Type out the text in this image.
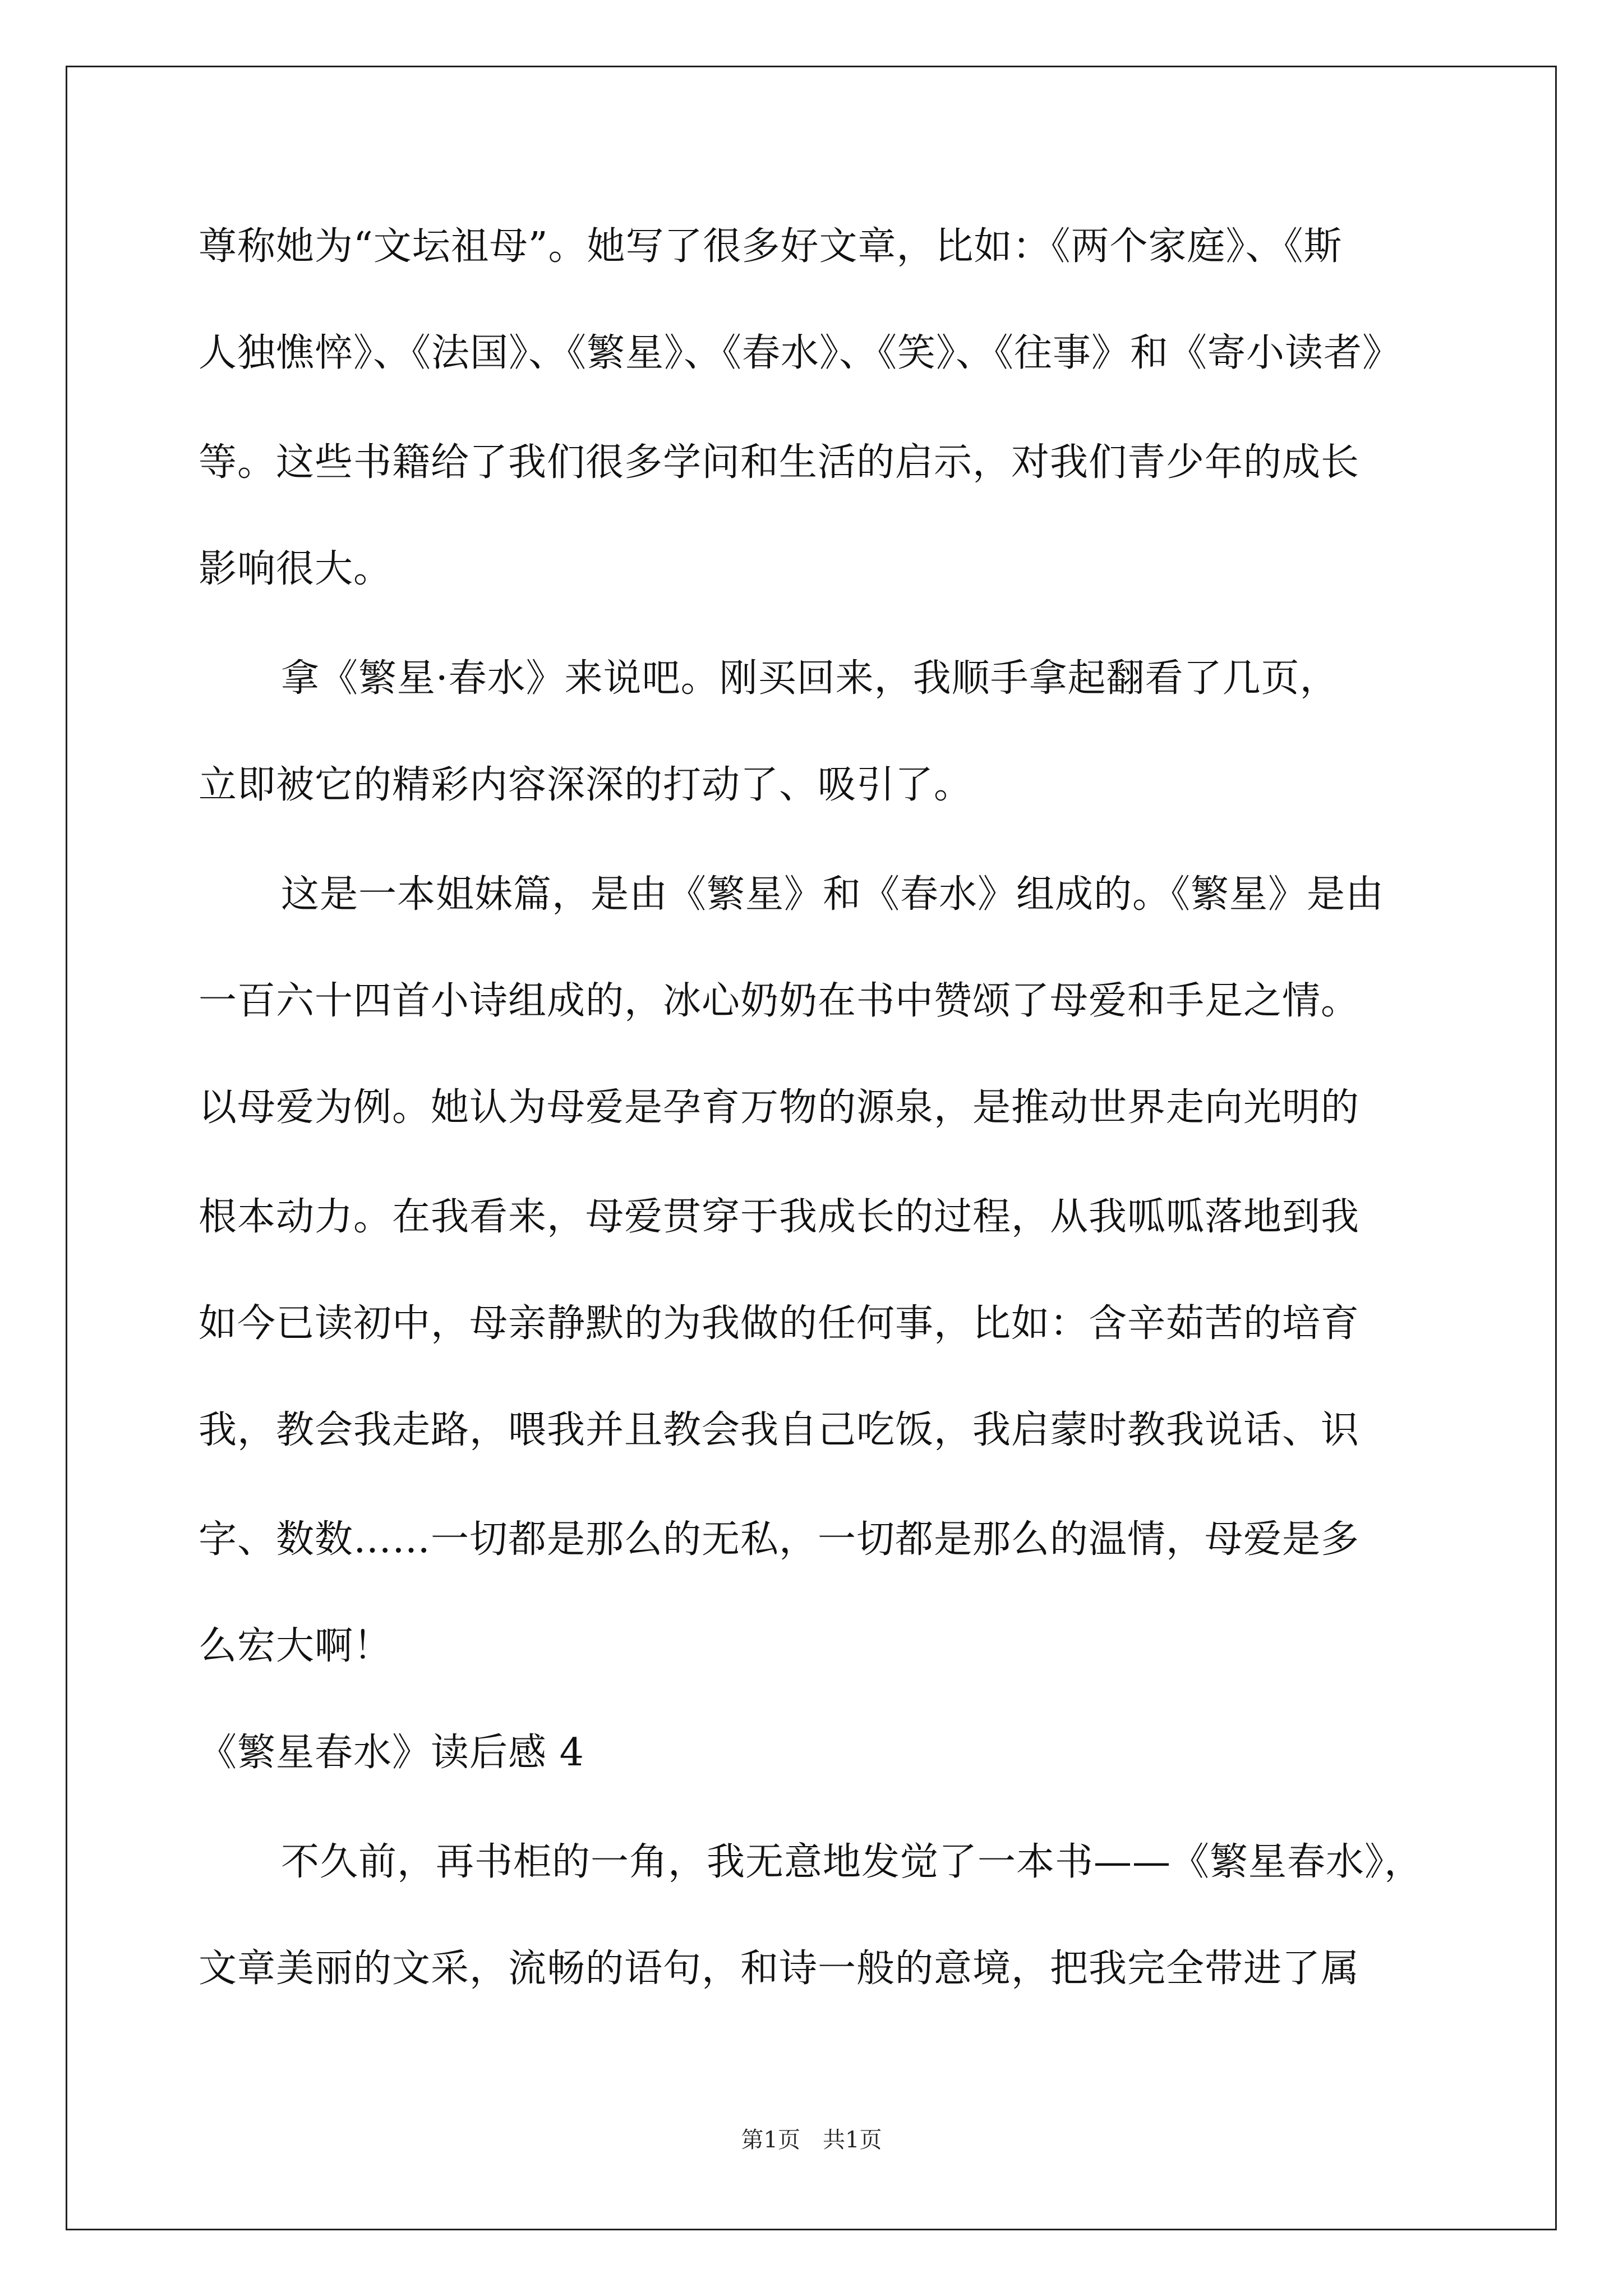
尊称她为“文坛祖母”。她写了很多好文章，比如：《两个家庭》、《斯
人独憔悴》、《法国》、《繁星》、《春水》、《笑》、《往事》和《寄小读者》
等。这些书籍给了我们很多学问和生活的启示，对我们青少年的成长
影响很大。
拿《繁星·春水》来说吧。刚买回来，我顺手拿起翻看了几页，
立即被它的精彩内容深深的打动了、吸引了。
这是一本姐妹篇，是由《繁星》和《春水》组成的。《繁星》是由
一百六十四首小诗组成的，冰心奶奶在书中赞颂了母爱和手足之情。
以母爱为例。她认为母爱是孕育万物的源泉，是推动世界走向光明的
根本动力。在我看来，母爱贯穿于我成长的过程，从我呱呱落地到我
如今已读初中，母亲静默的为我做的任何事，比如：含辛茹苦的培育
我，教会我走路，喂我并且教会我自己吃饭，我启蒙时教我说话、识
字、数数……一切都是那么的无私，一切都是那么的温情，母爱是多
么宏大啊！
《繁星春水》读后感 4
不久前，再书柜的一角，我无意地发觉了一本书——《繁星春水》，
文章美丽的文采，流畅的语句，和诗一般的意境，把我完全带进了属
第1页　共1页
